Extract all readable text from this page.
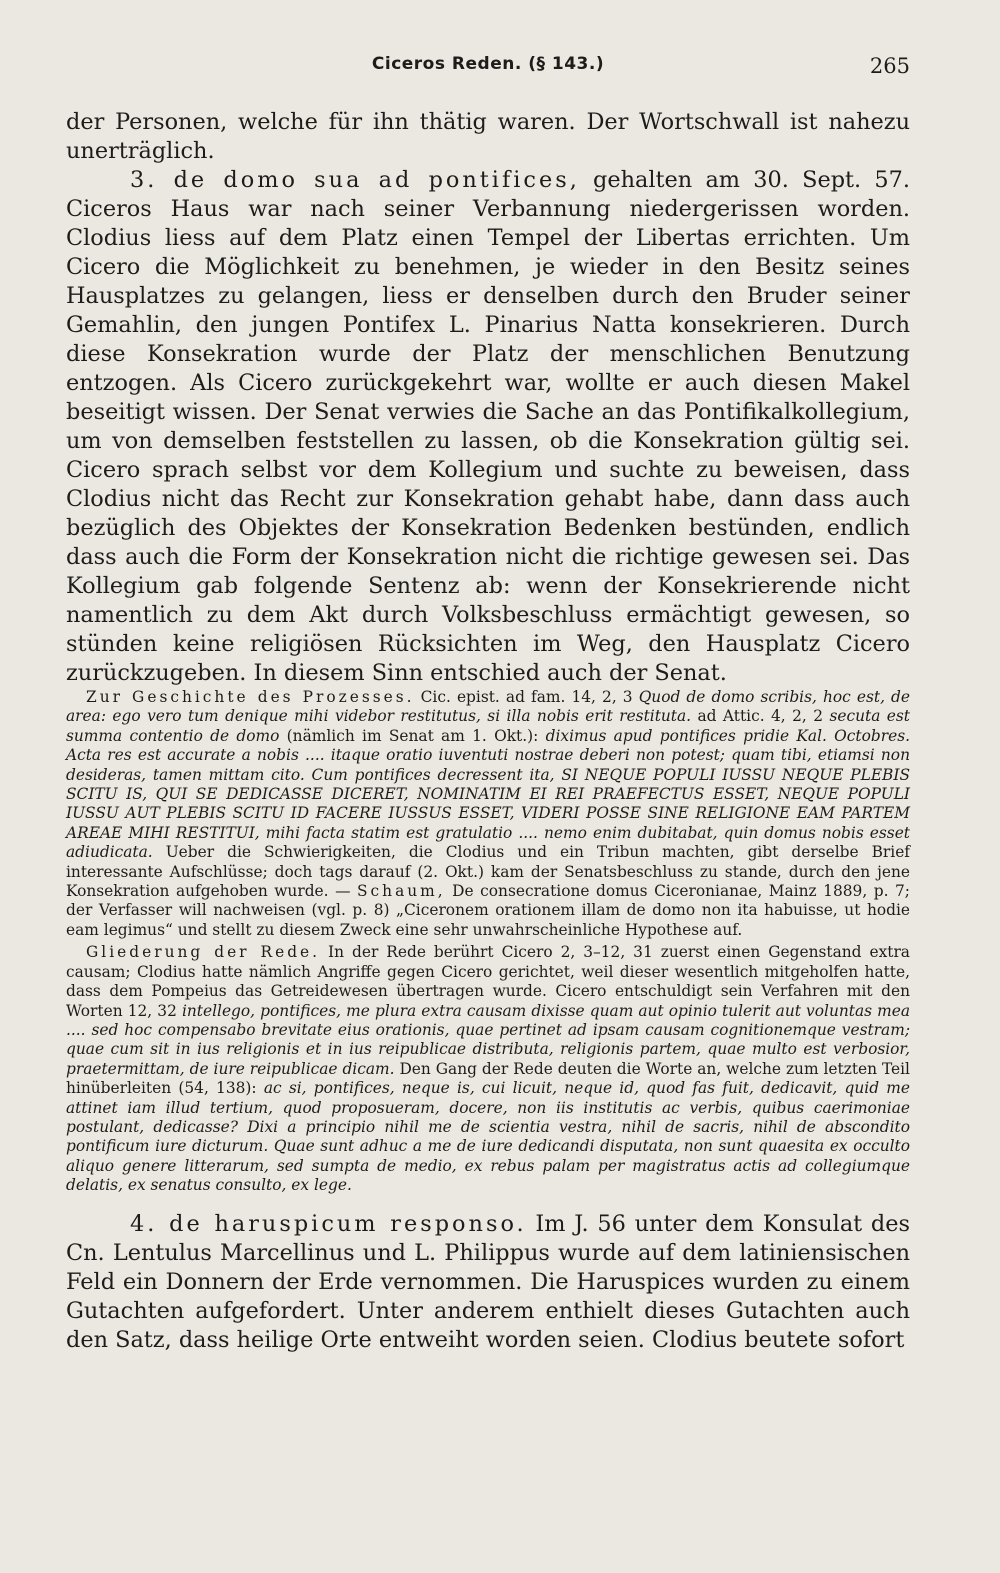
Ciceros Reden. (§ 143.)	265

der Personen, welche für ihn thätig waren. Der Wortschwall ist nahezu unerträglich.

3. de domo sua ad pontifices, gehalten am 30. Sept. 57. Ciceros Haus war nach seiner Verbannung niedergerissen worden. Clodius liess auf dem Platz einen Tempel der Libertas errichten. Um Cicero die Möglichkeit zu benehmen, je wieder in den Besitz seines Hausplatzes zu gelangen, liess er denselben durch den Bruder seiner Gemahlin, den jungen Pontifex L. Pinarius Natta konsekrieren. Durch diese Konsekration wurde der Platz der menschlichen Benutzung entzogen. Als Cicero zurückgekehrt war, wollte er auch diesen Makel beseitigt wissen. Der Senat verwies die Sache an das Pontifikalkollegium, um von demselben feststellen zu lassen, ob die Konsekration gültig sei. Cicero sprach selbst vor dem Kollegium und suchte zu beweisen, dass Clodius nicht das Recht zur Konsekration gehabt habe, dann dass auch bezüglich des Objektes der Konsekration Bedenken bestünden, endlich dass auch die Form der Konsekration nicht die richtige gewesen sei. Das Kollegium gab folgende Sentenz ab: wenn der Konsekrierende nicht namentlich zu dem Akt durch Volksbeschluss ermächtigt gewesen, so stünden keine religiösen Rücksichten im Weg, den Hausplatz Cicero zurückzugeben. In diesem Sinn entschied auch der Senat.

Zur Geschichte des Prozesses. Cic. epist. ad fam. 14, 2, 3 Quod de domo scribis, hoc est, de area: ego vero tum denique mihi videbor restitutus, si illa nobis erit restituta. ad Attic. 4, 2, 2 secuta est summa contentio de domo (nämlich im Senat am 1. Okt.): diximus apud pontifices pridie Kal. Octobres. Acta res est accurate a nobis .... itaque oratio iuventuti nostrae deberi non potest; quam tibi, etiamsi non desideras, tamen mittam cito. Cum pontifices decressent ita, SI NEQUE POPULI IUSSU NEQUE PLEBIS SCITU IS, QUI SE DEDICASSE DICERET, NOMINATIM EI REI PRAEFECTUS ESSET, NEQUE POPULI IUSSU AUT PLEBIS SCITU ID FACERE IUSSUS ESSET, VIDERI POSSE SINE RELIGIONE EAM PARTEM AREAE MIHI RESTITUI, mihi facta statim est gratulatio .... nemo enim dubitabat, quin domus nobis esset adiudicata. Ueber die Schwierigkeiten, die Clodius und ein Tribun machten, gibt derselbe Brief interessante Aufschlüsse; doch tags darauf (2. Okt.) kam der Senatsbeschluss zu stande, durch den jene Konsekration aufgehoben wurde. — Schaum, De consecratione domus Ciceronianae, Mainz 1889, p. 7; der Verfasser will nachweisen (vgl. p. 8) „Ciceronem orationem illam de domo non ita habuisse, ut hodie eam legimus“ und stellt zu diesem Zweck eine sehr unwahrscheinliche Hypothese auf.

Gliederung der Rede. In der Rede berührt Cicero 2, 3–12, 31 zuerst einen Gegenstand extra causam; Clodius hatte nämlich Angriffe gegen Cicero gerichtet, weil dieser wesentlich mitgeholfen hatte, dass dem Pompeius das Getreidewesen übertragen wurde. Cicero entschuldigt sein Verfahren mit den Worten 12, 32 intellego, pontifices, me plura extra causam dixisse quam aut opinio tulerit aut voluntas mea .... sed hoc compensabo brevitate eius orationis, quae pertinet ad ipsam causam cognitionemque vestram; quae cum sit in ius religionis et in ius reipublicae distributa, religionis partem, quae multo est verbosior, praetermittam, de iure reipublicae dicam. Den Gang der Rede deuten die Worte an, welche zum letzten Teil hinüberleiten (54, 138): ac si, pontifices, neque is, cui licuit, neque id, quod fas fuit, dedicavit, quid me attinet iam illud tertium, quod proposueram, docere, non iis institutis ac verbis, quibus caerimoniae postulant, dedicasse? Dixi a principio nihil me de scientia vestra, nihil de sacris, nihil de abscondito pontificum iure dicturum. Quae sunt adhuc a me de iure dedicandi disputata, non sunt quaesita ex occulto aliquo genere litterarum, sed sumpta de medio, ex rebus palam per magistratus actis ad collegiumque delatis, ex senatus consulto, ex lege.

4. de haruspicum responso. Im J. 56 unter dem Konsulat des Cn. Lentulus Marcellinus und L. Philippus wurde auf dem latiniensischen Feld ein Donnern der Erde vernommen. Die Haruspices wurden zu einem Gutachten aufgefordert. Unter anderem enthielt dieses Gutachten auch den Satz, dass heilige Orte entweiht worden seien. Clodius beutete sofort
